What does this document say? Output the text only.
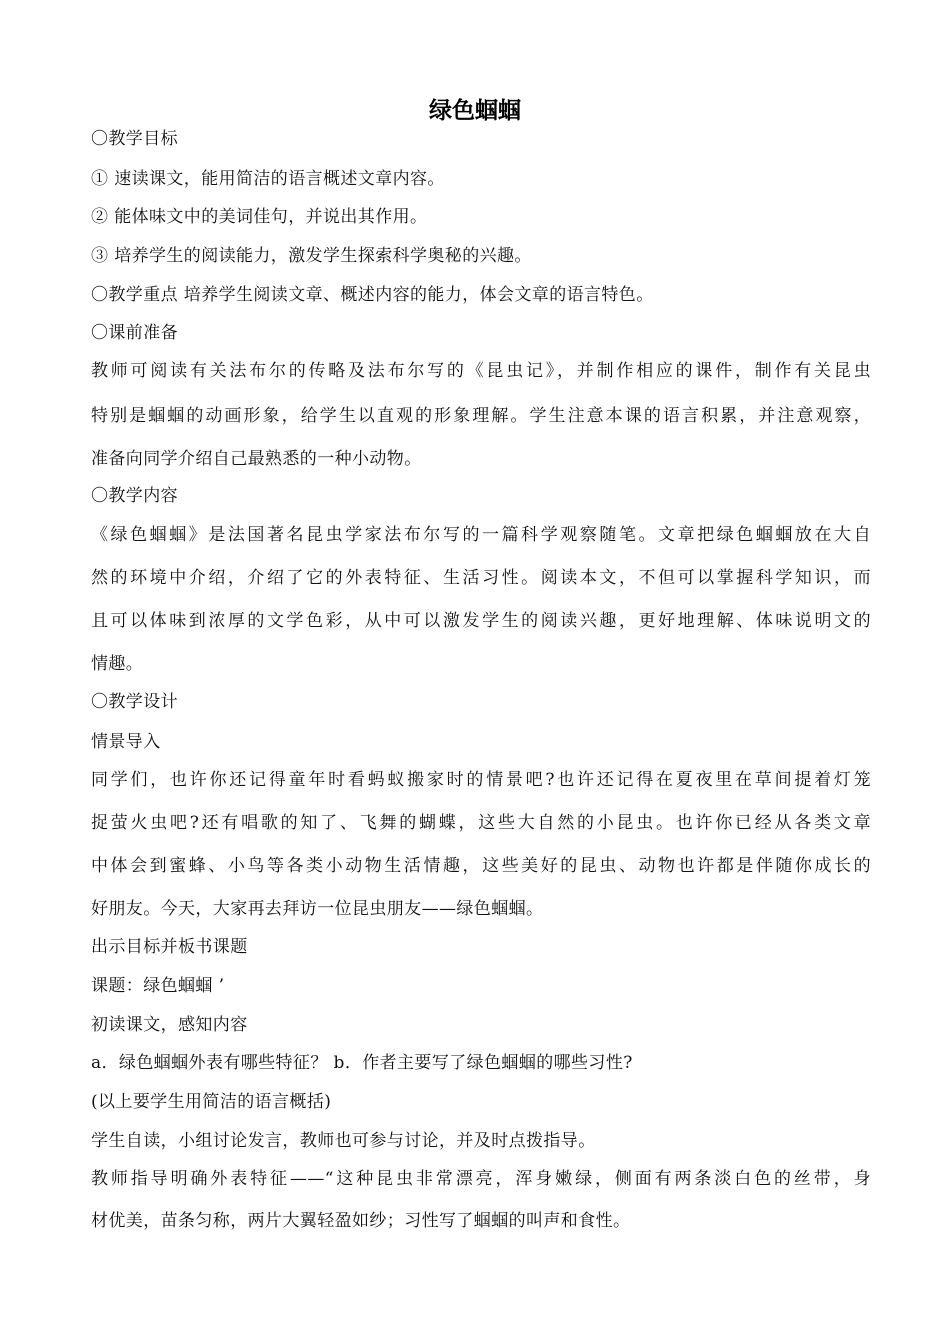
绿色蝈蝈
〇教学目标
① 速读课文，能用简洁的语言概述文章内容。
② 能体味文中的美词佳句，并说出其作用。
③ 培养学生的阅读能力，激发学生探索科学奥秘的兴趣。
〇教学重点 培养学生阅读文章、概述内容的能力，体会文章的语言特色。
〇课前准备
教师可阅读有关法布尔的传略及法布尔写的《昆虫记》，并制作相应的课件，制作有关昆虫
特别是蝈蝈的动画形象，给学生以直观的形象理解。学生注意本课的语言积累，并注意观察，
准备向同学介绍自己最熟悉的一种小动物。
〇教学内容
《绿色蝈蝈》是法国著名昆虫学家法布尔写的一篇科学观察随笔。文章把绿色蝈蝈放在大自
然的环境中介绍，介绍了它的外表特征、生活习性。阅读本文，不但可以掌握科学知识，而
且可以体味到浓厚的文学色彩，从中可以激发学生的阅读兴趣，更好地理解、体味说明文的
情趣。
〇教学设计
情景导入
同学们，也许你还记得童年时看蚂蚁搬家时的情景吧?也许还记得在夏夜里在草间提着灯笼
捉萤火虫吧?还有唱歌的知了、飞舞的蝴蝶，这些大自然的小昆虫。也许你已经从各类文章
中体会到蜜蜂、小鸟等各类小动物生活情趣，这些美好的昆虫、动物也许都是伴随你成长的
好朋友。今天，大家再去拜访一位昆虫朋友——绿色蝈蝈。
出示目标并板书课题
课题：绿色蝈蝈 ’
初读课文，感知内容
a．绿色蝈蝈外表有哪些特征？ b．作者主要写了绿色蝈蝈的哪些习性?
(以上要学生用简洁的语言概括)
学生自读，小组讨论发言，教师也可参与讨论，并及时点拨指导。
教师指导明确外表特征——“这种昆虫非常漂亮，浑身嫩绿，侧面有两条淡白色的丝带，身
材优美，苗条匀称，两片大翼轻盈如纱；习性写了蝈蝈的叫声和食性。
